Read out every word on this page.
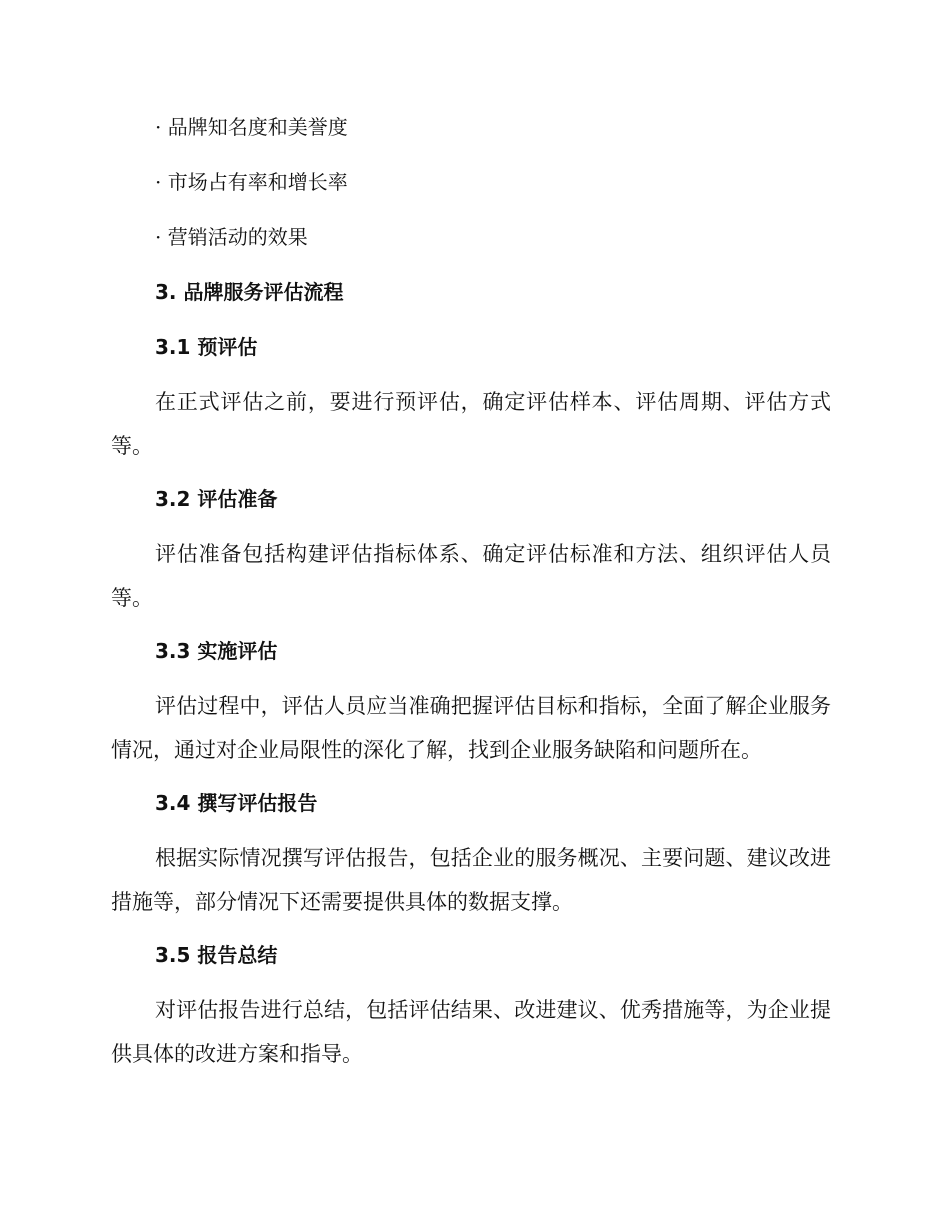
· 品牌知名度和美誉度
· 市场占有率和增长率
· 营销活动的效果
3. 品牌服务评估流程
3.1 预评估
在正式评估之前，要进行预评估，确定评估样本、评估周期、评估方式等。
3.2 评估准备
评估准备包括构建评估指标体系、确定评估标准和方法、组织评估人员等。
3.3 实施评估
评估过程中，评估人员应当准确把握评估目标和指标，全面了解企业服务情况，通过对企业局限性的深化了解，找到企业服务缺陷和问题所在。
3.4 撰写评估报告
根据实际情况撰写评估报告，包括企业的服务概况、主要问题、建议改进措施等，部分情况下还需要提供具体的数据支撑。
3.5 报告总结
对评估报告进行总结，包括评估结果、改进建议、优秀措施等，为企业提供具体的改进方案和指导。
